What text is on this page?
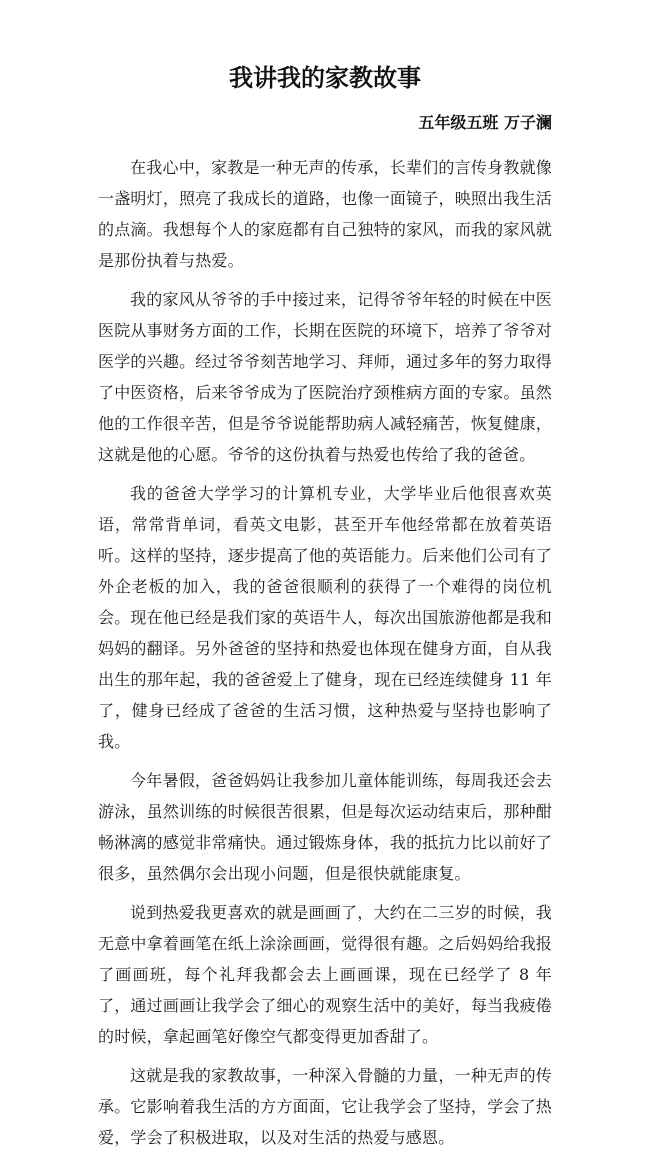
我讲我的家教故事
五年级五班 万子澜

在我心中，家教是一种无声的传承，长辈们的言传身教就像一盏明灯，照亮了我成长的道路，也像一面镜子，映照出我生活的点滴。我想每个人的家庭都有自己独特的家风，而我的家风就是那份执着与热爱。

我的家风从爷爷的手中接过来，记得爷爷年轻的时候在中医医院从事财务方面的工作，长期在医院的环境下，培养了爷爷对医学的兴趣。经过爷爷刻苦地学习、拜师，通过多年的努力取得了中医资格，后来爷爷成为了医院治疗颈椎病方面的专家。虽然他的工作很辛苦，但是爷爷说能帮助病人减轻痛苦，恢复健康，这就是他的心愿。爷爷的这份执着与热爱也传给了我的爸爸。

我的爸爸大学学习的计算机专业，大学毕业后他很喜欢英语，常常背单词，看英文电影，甚至开车他经常都在放着英语听。这样的坚持，逐步提高了他的英语能力。后来他们公司有了外企老板的加入，我的爸爸很顺利的获得了一个难得的岗位机会。现在他已经是我们家的英语牛人，每次出国旅游他都是我和妈妈的翻译。另外爸爸的坚持和热爱也体现在健身方面，自从我出生的那年起，我的爸爸爱上了健身，现在已经连续健身 11 年了，健身已经成了爸爸的生活习惯，这种热爱与坚持也影响了我。

今年暑假，爸爸妈妈让我参加儿童体能训练，每周我还会去游泳，虽然训练的时候很苦很累，但是每次运动结束后，那种酣畅淋漓的感觉非常痛快。通过锻炼身体，我的抵抗力比以前好了很多，虽然偶尔会出现小问题，但是很快就能康复。

说到热爱我更喜欢的就是画画了，大约在二三岁的时候，我无意中拿着画笔在纸上涂涂画画，觉得很有趣。之后妈妈给我报了画画班，每个礼拜我都会去上画画课，现在已经学了 8 年了，通过画画让我学会了细心的观察生活中的美好，每当我疲倦的时候，拿起画笔好像空气都变得更加香甜了。

这就是我的家教故事，一种深入骨髓的力量，一种无声的传承。它影响着我生活的方方面面，它让我学会了坚持，学会了热爱，学会了积极进取，以及对生活的热爱与感恩。
